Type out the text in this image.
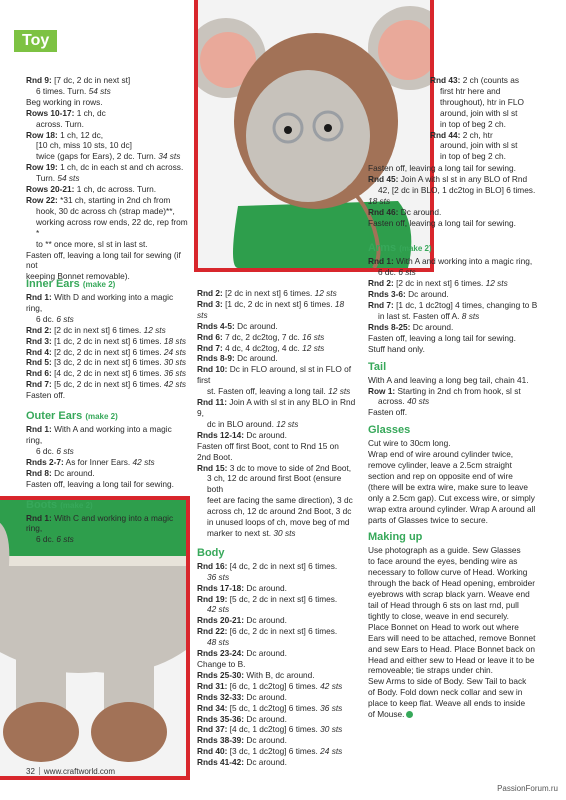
Toy

Rnd 9: [7 dc, 2 dc in next st]

6 times. Turn. 54 sts

Beg working in rows.

Rows 10-17: 1 ch, dc

across. Turn.

Row 18: 1 ch, 12 dc,

[10 ch, miss 10 sts, 10 dc]

twice (gaps for Ears), 2 dc. Turn. 34 sts

Row 19: 1 ch, dc in each st and ch across.

Turn. 54 sts

Rows 20-21: 1 ch, dc across. Turn.

Row 22: *31 ch, starting in 2nd ch from

hook, 30 dc across ch (strap made)**,

working across row ends, 22 dc, rep from *

to ** once more, sl st in last st.

Fasten off, leaving a long tail for sewing (if not

keeping Bonnet removable).

Inner Ears (make 2)

Rnd 1: With D and working into a magic ring,

6 dc. 6 sts

Rnd 2: [2 dc in next st] 6 times. 12 sts

Rnd 3: [1 dc, 2 dc in next st] 6 times. 18 sts

Rnd 4: [2 dc, 2 dc in next st] 6 times. 24 sts

Rnd 5: [3 dc, 2 dc in next st] 6 times. 30 sts

Rnd 6: [4 dc, 2 dc in next st] 6 times. 36 sts

Rnd 7: [5 dc, 2 dc in next st] 6 times. 42 sts

Fasten off.

Outer Ears (make 2)

Rnd 1: With A and working into a magic ring,

6 dc. 6 sts

Rnds 2-7: As for Inner Ears. 42 sts

Rnd 8: Dc around.

Fasten off, leaving a long tail for sewing.

Boots (make 2)

Rnd 1: With C and working into a magic ring,

6 dc. 6 sts

Rnd 2: [2 dc in next st] 6 times. 12 sts

Rnd 3: [1 dc, 2 dc in next st] 6 times. 18 sts

Rnds 4-5: Dc around.

Rnd 6: 7 dc, 2 dc2tog, 7 dc. 16 sts

Rnd 7: 4 dc, 4 dc2tog, 4 dc. 12 sts

Rnds 8-9: Dc around.

Rnd 10: Dc in FLO around, sl st in FLO of first

st. Fasten off, leaving a long tail. 12 sts

Rnd 11: Join A with sl st in any BLO in Rnd 9,

dc in BLO around. 12 sts

Rnds 12-14: Dc around.

Fasten off first Boot, cont to Rnd 15 on

2nd Boot.

Rnd 15: 3 dc to move to side of 2nd Boot,

3 ch, 12 dc around first Boot (ensure both

feet are facing the same direction), 3 dc

across ch, 12 dc around 2nd Boot, 3 dc

in unused loops of ch, move beg of md

marker to next st. 30 sts

Body

Rnd 16: [4 dc, 2 dc in next st] 6 times.

36 sts

Rnds 17-18: Dc around.

Rnd 19: [5 dc, 2 dc in next st] 6 times.

42 sts

Rnds 20-21: Dc around.

Rnd 22: [6 dc, 2 dc in next st] 6 times.

48 sts

Rnds 23-24: Dc around.

Change to B.

Rnds 25-30: With B, dc around.

Rnd 31: [6 dc, 1 dc2tog] 6 times. 42 sts

Rnds 32-33: Dc around.

Rnd 34: [5 dc, 1 dc2tog] 6 times. 36 sts

Rnds 35-36: Dc around.

Rnd 37: [4 dc, 1 dc2tog] 6 times. 30 sts

Rnds 38-39: Dc around.

Rnd 40: [3 dc, 1 dc2tog] 6 times. 24 sts

Rnds 41-42: Dc around.

Rnd 43: 2 ch (counts as

first htr here and

throughout), htr in FLO

around, join with sl st

in top of beg 2 ch.

Rnd 44: 2 ch, htr

around, join with sl st

in top of beg 2 ch.

Fasten off, leaving a long tail for sewing.

Rnd 45: Join A with sl st in any BLO of Rnd

42, [2 dc in BLO, 1 dc2tog in BLO] 6 times.

18 sts

Rnd 46: Dc around.

Fasten off, leaving a long tail for sewing.

Arms (make 2)

Rnd 1: With A and working into a magic ring,

6 dc. 6 sts

Rnd 2: [2 dc in next st] 6 times. 12 sts

Rnds 3-6: Dc around.

Rnd 7: [1 dc, 1 dc2tog] 4 times, changing to B

in last st. Fasten off A. 8 sts

Rnds 8-25: Dc around.

Fasten off, leaving a long tail for sewing.

Stuff hand only.

Tail

With A and leaving a long beg tail, chain 41.

Row 1: Starting in 2nd ch from hook, sl st

across. 40 sts

Fasten off.

Glasses

Cut wire to 30cm long.

Wrap end of wire around cylinder twice,

remove cylinder, leave a 2.5cm straight

section and rep on opposite end of wire

(there will be extra wire, make sure to leave

only a 2.5cm gap). Cut excess wire, or simply

wrap extra around cylinder. Wrap A around all

parts of Glasses twice to secure.

Making up

Use photograph as a guide. Sew Glasses

to face around the eyes, bending wire as

necessary to follow curve of Head. Working

through the back of Head opening, embroider

eyebrows with scrap black yarn. Weave end

tail of Head through 6 sts on last rnd, pull

tightly to close, weave in end securely.

Place Bonnet on Head to work out where

Ears will need to be attached, remove Bonnet

and sew Ears to Head. Place Bonnet back on

Head and either sew to Head or leave it to be

removeable; tie straps under chin.

Sew Arms to side of Body. Sew Tail to back

of Body. Fold down neck collar and sew in

place to keep flat. Weave all ends to inside

of Mouse.

32 www.craftworld.com
PassionForum.ru
